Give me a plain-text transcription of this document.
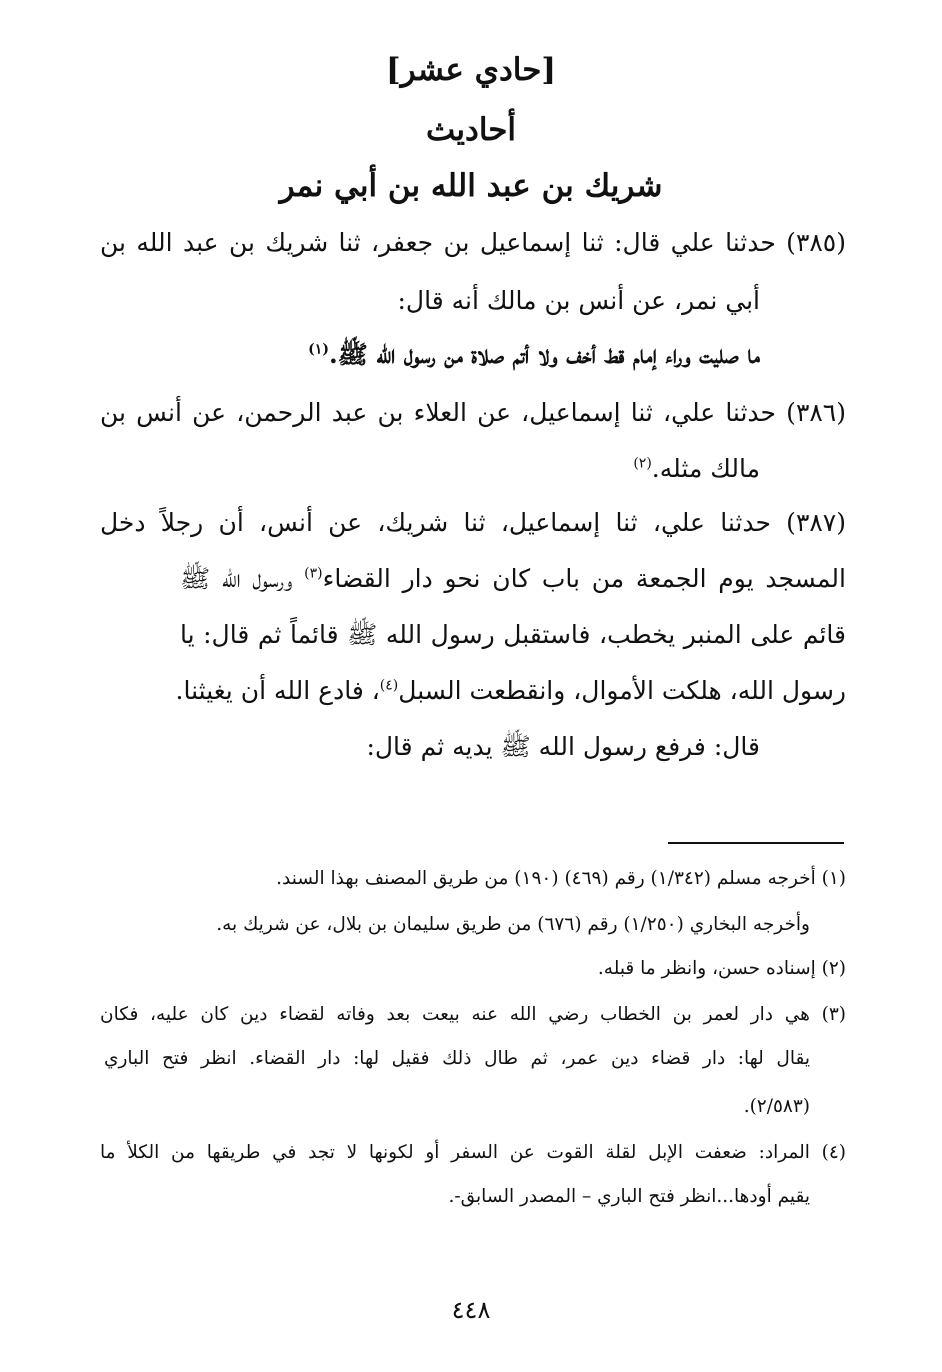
[حادي عشر]
أحاديث
شريك بن عبد الله بن أبي نمر
(٣٨٥) حدثنا علي قال: ثنا إسماعيل بن جعفر، ثنا شريك بن عبد الله بن
أبي نمر، عن أنس بن مالك أنه قال:
ما صليت وراء إمام قط أخف ولا أتم صلاة من رسول الله ﷺ.$^{(١)}$
(٣٨٦) حدثنا علي، ثنا إسماعيل، عن العلاء بن عبد الرحمن، عن أنس بن
مالك مثله.$^{(٢)}$
(٣٨٧) حدثنا علي، ثنا إسماعيل، ثنا شريك، عن أنس، أن رجلاً دخل
المسجد يوم الجمعة من باب كان نحو دار القضاء$^{(٣)}$ ورسول الله ﷺ
قائم على المنبر يخطب، فاستقبل رسول الله ﷺ قائماً ثم قال: يا
رسول الله، هلكت الأموال، وانقطعت السبل$^{(٤)}$، فادع الله أن يغيثنا.
قال: فرفع رسول الله ﷺ يديه ثم قال:
(١) أخرجه مسلم (١/٣٤٢) رقم (٤٦٩) (١٩٠) من طريق المصنف بهذا السند.
وأخرجه البخاري (١/٢٥٠) رقم (٦٧٦) من طريق سليمان بن بلال، عن شريك به.
(٢) إسناده حسن، وانظر ما قبله.
(٣) هي دار لعمر بن الخطاب رضي الله عنه بيعت بعد وفاته لقضاء دين كان عليه، فكان
يقال لها: دار قضاء دين عمر، ثم طال ذلك فقيل لها: دار القضاء. انظر فتح الباري
(٢/٥٨٣).
(٤) المراد: ضعفت الإبل لقلة القوت عن السفر أو لكونها لا تجد في طريقها من الكلأ ما
يقيم أودها...انظر فتح الباري – المصدر السابق-.
٤٤٨
